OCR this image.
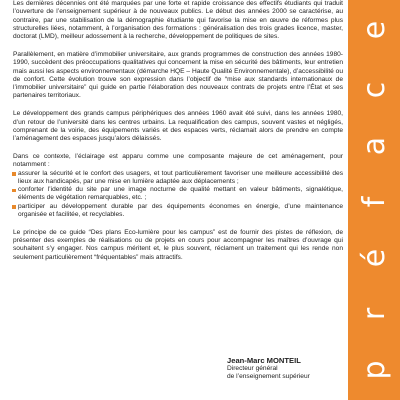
Les dernières décennies ont été marquées par une forte et rapide croissance des effectifs étudiants qui traduit l’ouverture de l’enseignement supérieur à de nouveaux publics. Le début des années 2000 se caractérise, au contraire, par une stabilisation de la démographie étudiante qui favorise la mise en œuvre de réformes plus structurelles liées, notamment, à l’organisation des formations : généralisation des trois grades licence, master, doctorat (LMD), meilleur adossement à la recherche, développement de politiques de sites.

Parallèlement, en matière d’immobilier universitaire, aux grands programmes de construction des années 1980-1990, succèdent des préoccupations qualitatives qui concernent la mise en sécurité des bâtiments, leur entretien mais aussi les aspects environnementaux (démarche HQE – Haute Qualité Environnementale), d’accessibilité ou de confort. Cette évolution trouve son expression dans l’objectif de “mise aux standards internationaux de l’immobilier universitaire” qui guide en partie l’élaboration des nouveaux contrats de projets entre l’État et ses partenaires territoriaux.

Le développement des grands campus périphériques des années 1960 avait été suivi, dans les années 1980, d’un retour de l’université dans les centres urbains. La requalification des campus, souvent vastes et négligés, comprenant de la voirie, des équipements variés et des espaces verts, réclamait alors de prendre en compte l’aménagement des espaces jusqu’alors délaissés.

Dans ce contexte, l’éclairage est apparu comme une composante majeure de cet aménagement, pour notamment :

assurer la sécurité et le confort des usagers, et tout particulièrement favoriser une meilleure accessibilité des lieux aux handicapés, par une mise en lumière adaptée aux déplacements ;
conforter l’identité du site par une image nocturne de qualité mettant en valeur bâtiments, signalétique, éléments de végétation remarquables, etc. ;
participer au développement durable par des équipements économes en énergie, d’une maintenance organisée et facilitée, et recyclables.

Le principe de ce guide “Des plans Eco-lumière pour les campus” est de fournir des pistes de réflexion, de présenter des exemples de réalisations ou de projets en cours pour accompagner les maîtres d’ouvrage qui souhaitent s’y engager. Nos campus méritent et, le plus souvent, réclament un traitement qui les rende non seulement particulièrement “fréquentables” mais attractifs.

Jean-Marc MONTEIL
Directeur général
de l’enseignement supérieur	p
r
é
f
a
c
e
